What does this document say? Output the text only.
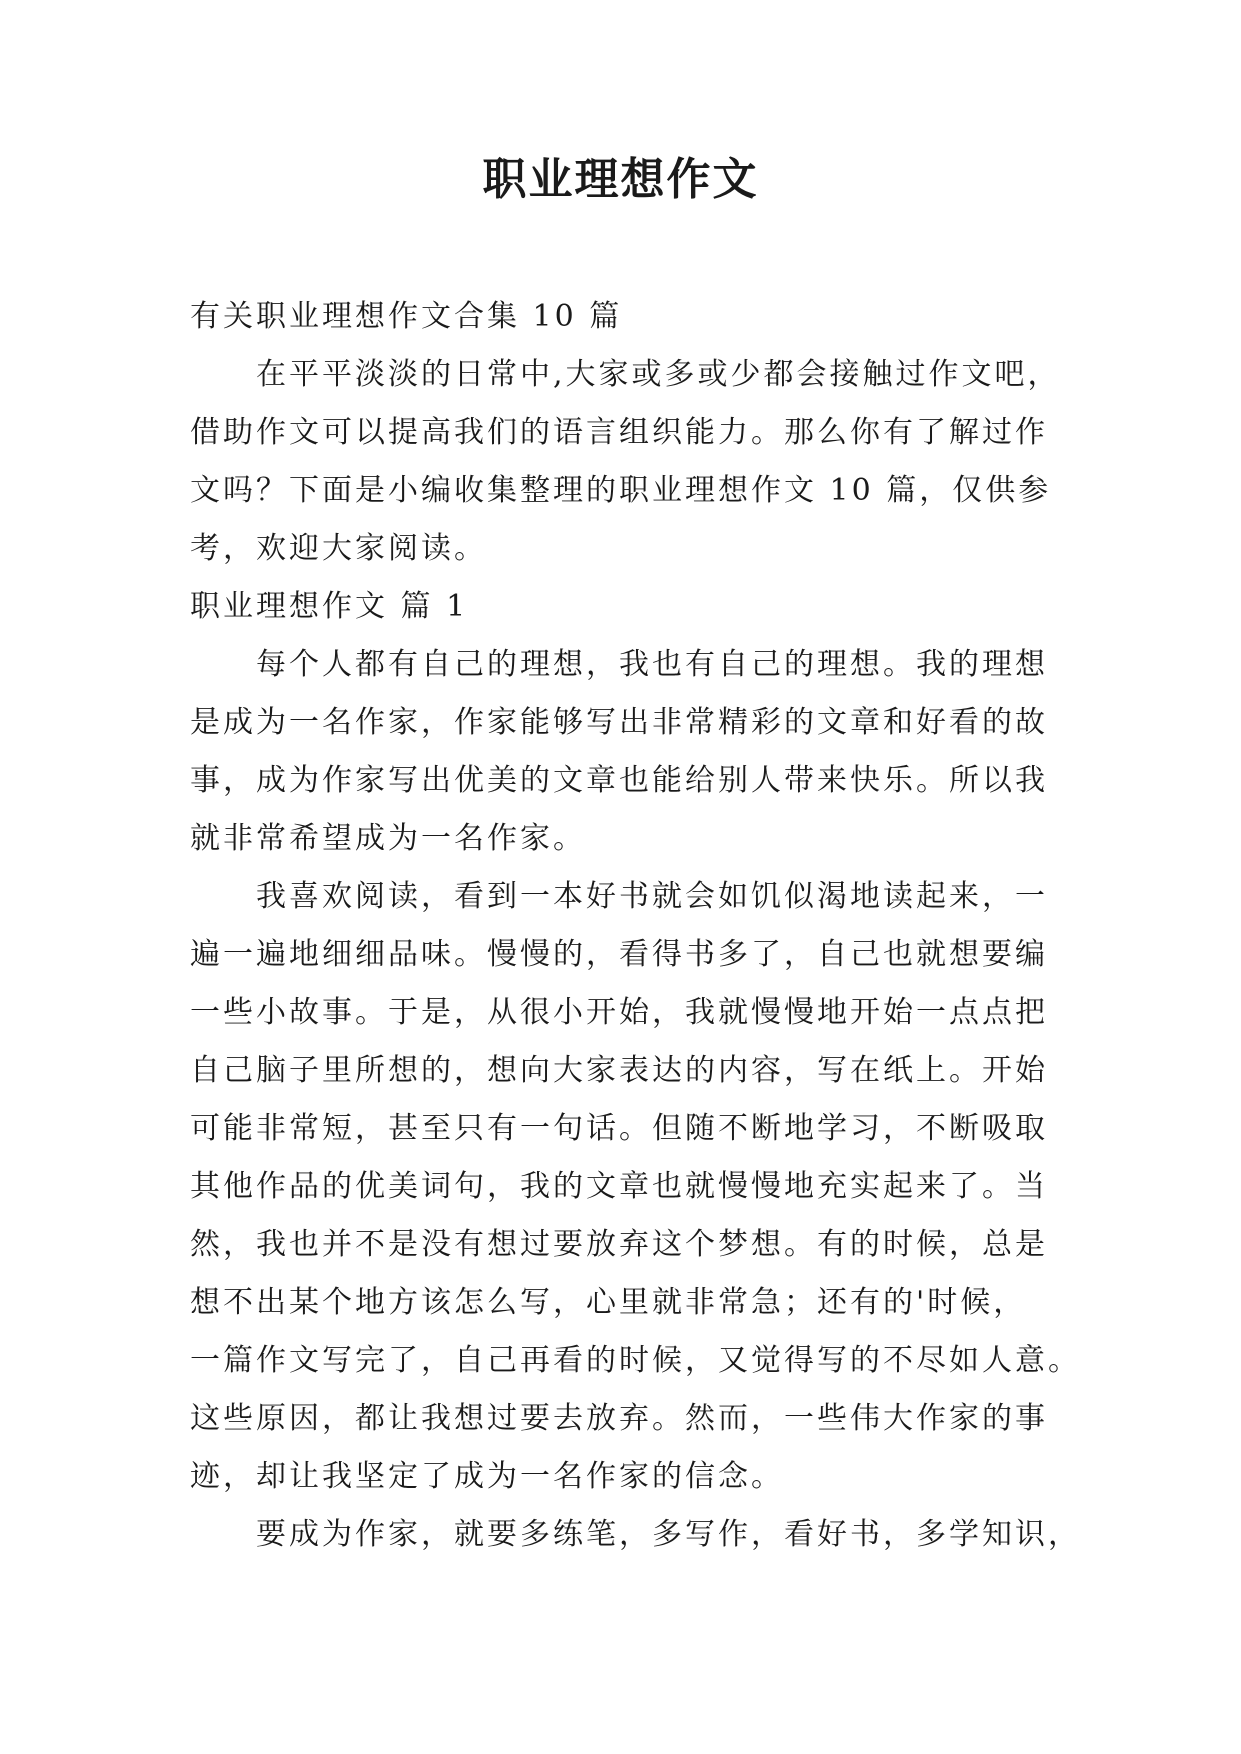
职业理想作文
有关职业理想作文合集 10 篇
在平平淡淡的日常中,大家或多或少都会接触过作文吧，
借助作文可以提高我们的语言组织能力。那么你有了解过作
文吗？下面是小编收集整理的职业理想作文 10 篇，仅供参
考，欢迎大家阅读。
职业理想作文 篇 1
每个人都有自己的理想，我也有自己的理想。我的理想
是成为一名作家，作家能够写出非常精彩的文章和好看的故
事，成为作家写出优美的文章也能给别人带来快乐。所以我
就非常希望成为一名作家。
我喜欢阅读，看到一本好书就会如饥似渴地读起来，一
遍一遍地细细品味。慢慢的，看得书多了，自己也就想要编
一些小故事。于是，从很小开始，我就慢慢地开始一点点把
自己脑子里所想的，想向大家表达的内容，写在纸上。开始
可能非常短，甚至只有一句话。但随不断地学习，不断吸取
其他作品的优美词句，我的文章也就慢慢地充实起来了。当
然，我也并不是没有想过要放弃这个梦想。有的时候，总是
想不出某个地方该怎么写，心里就非常急；还有的'时候，
一篇作文写完了，自己再看的时候，又觉得写的不尽如人意。
这些原因，都让我想过要去放弃。然而，一些伟大作家的事
迹，却让我坚定了成为一名作家的信念。
要成为作家，就要多练笔，多写作，看好书，多学知识，
